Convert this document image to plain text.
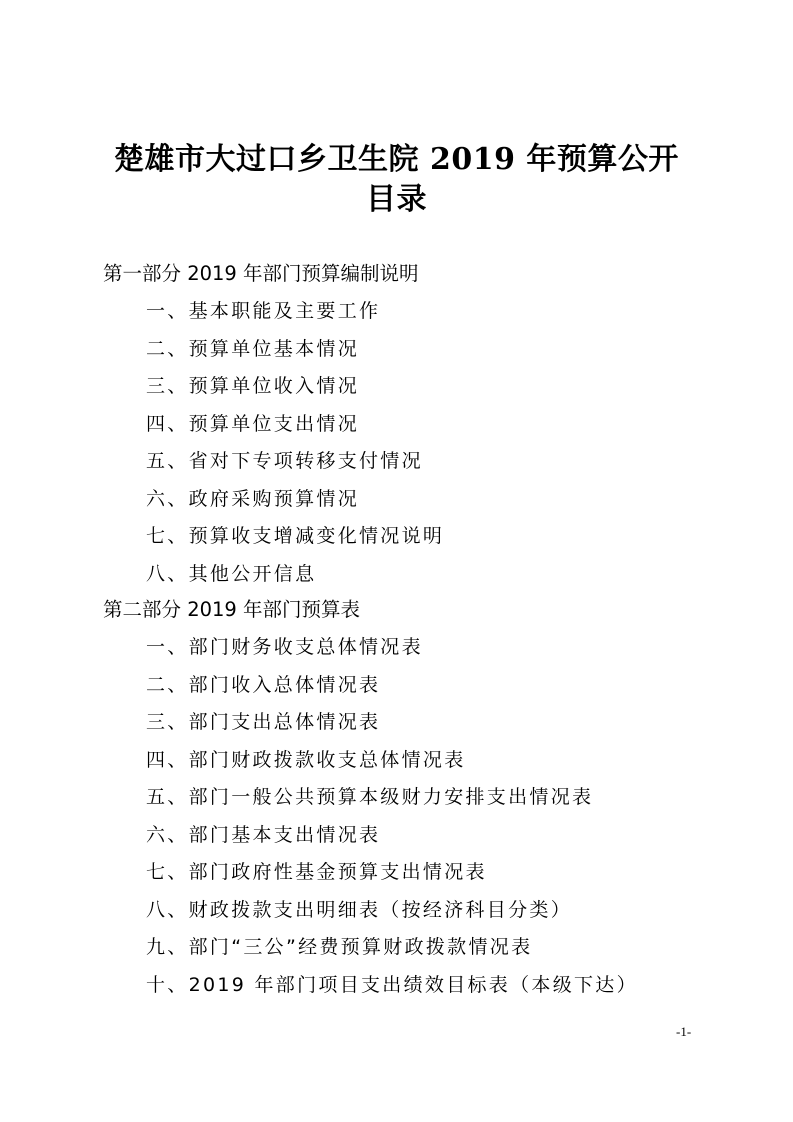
楚雄市大过口乡卫生院 2019 年预算公开
目录
第一部分 2019 年部门预算编制说明
一、基本职能及主要工作
二、预算单位基本情况
三、预算单位收入情况
四、预算单位支出情况
五、省对下专项转移支付情况
六、政府采购预算情况
七、预算收支增减变化情况说明
八、其他公开信息
第二部分 2019 年部门预算表
一、部门财务收支总体情况表
二、部门收入总体情况表
三、部门支出总体情况表
四、部门财政拨款收支总体情况表
五、部门一般公共预算本级财力安排支出情况表
六、部门基本支出情况表
七、部门政府性基金预算支出情况表
八、财政拨款支出明细表（按经济科目分类）
九、部门“三公”经费预算财政拨款情况表
十、2019 年部门项目支出绩效目标表（本级下达）
-1-
